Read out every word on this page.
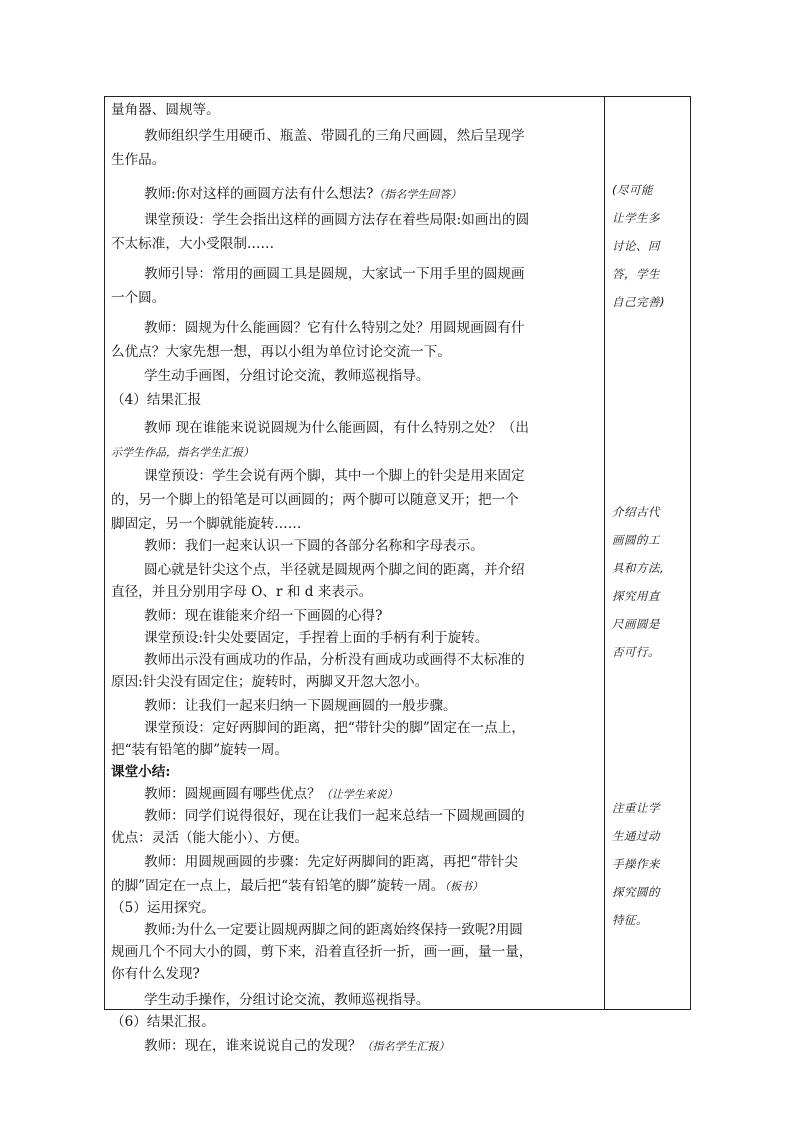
量角器、圆规等。
教师组织学生用硬币、瓶盖、带圆孔的三角尺画圆，然后呈现学
生作品。
教师:你对这样的画圆方法有什么想法?（指名学生回答）
课堂预设：学生会指出这样的画圆方法存在着些局限:如画出的圆
不太标准，大小受限制……
教师引导：常用的画圆工具是圆规，大家试一下用手里的圆规画
一个圆。
教师：圆规为什么能画圆？它有什么特别之处？用圆规画圆有什
么优点？大家先想一想，再以小组为单位讨论交流一下。
学生动手画图，分组讨论交流，教师巡视指导。
（4）结果汇报
教师 现在谁能来说说圆规为什么能画圆，有什么特别之处？（出
示学生作品，指名学生汇报）
课堂预设：学生会说有两个脚，其中一个脚上的针尖是用来固定
的，另一个脚上的铅笔是可以画圆的；两个脚可以随意叉开；把一个
脚固定，另一个脚就能旋转……
教师：我们一起来认识一下圆的各部分名称和字母表示。
圆心就是针尖这个点，半径就是圆规两个脚之间的距离，并介绍
直径，并且分别用字母 O、r 和 d 来表示。
教师：现在谁能来介绍一下画圆的心得?
课堂预设:针尖处要固定，手捏着上面的手柄有利于旋转。
教师出示没有画成功的作品，分析没有画成功或画得不太标准的
原因:针尖没有固定住；旋转时，两脚叉开忽大忽小。
教师：让我们一起来归纳一下圆规画圆的一般步骤。
课堂预设：定好两脚间的距离，把“带针尖的脚”固定在一点上，
把“装有铅笔的脚”旋转一周。
课堂小结:
教师：圆规画圆有哪些优点？（让学生来说）
教师：同学们说得很好，现在让我们一起来总结一下圆规画圆的
优点：灵活（能大能小）、方便。
教师：用圆规画圆的步骤：先定好两脚间的距离，再把“带针尖
的脚”固定在一点上，最后把“装有铅笔的脚”旋转一周。（板书）
（5）运用探究。
教师:为什么一定要让圆规两脚之间的距离始终保持一致呢?用圆
规画几个不同大小的圆，剪下来，沿着直径折一折，画一画，量一量，
你有什么发现?
学生动手操作，分组讨论交流，教师巡视指导。
（6）结果汇报。
教师：现在，谁来说说自己的发现？（指名学生汇报）
(尽可能
让学生多
讨论、回
答，学生
自己完善)
介绍古代
画圆的工
具和方法,
探究用直
尺画圆是
否可行。
注重让学
生通过动
手操作来
探究圆的
特征。
